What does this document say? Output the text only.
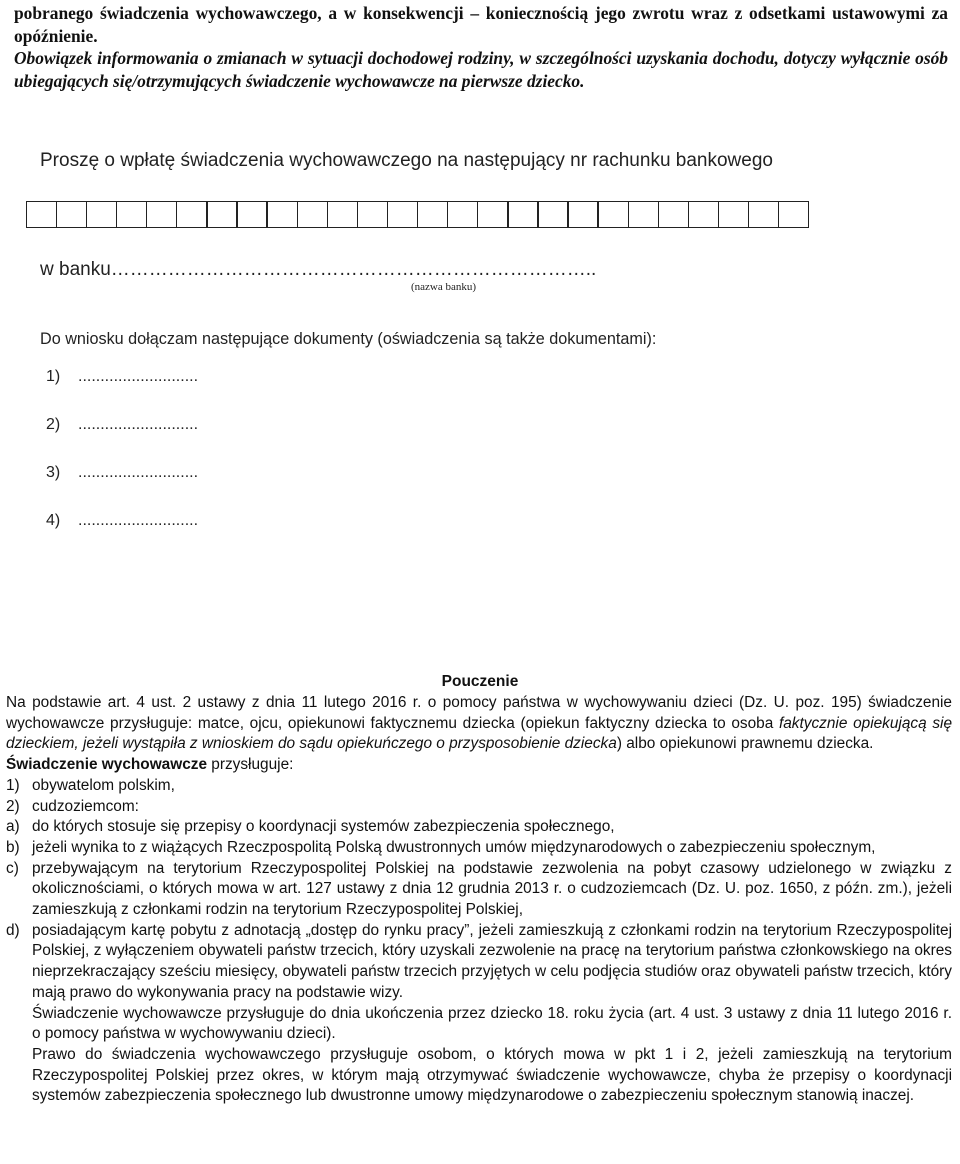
pobranego świadczenia wychowawczego, a w konsekwencji – koniecznością jego zwrotu wraz z odsetkami ustawowymi za opóźnienie.
Obowiązek informowania o zmianach w sytuacji dochodowej rodziny, w szczególności uzyskania dochodu, dotyczy wyłącznie osób ubiegających się/otrzymujących świadczenie wychowawcze na pierwsze dziecko.
Proszę o wpłatę świadczenia wychowawczego na następujący nr rachunku bankowego
w banku…………………………………………………………………..
(nazwa banku)
Do wniosku dołączam następujące dokumenty (oświadczenia są także dokumentami):
1)	...........................
2)	...........................
3)	...........................
4)	...........................
Pouczenie

Na podstawie art. 4 ust. 2 ustawy z dnia 11 lutego 2016 r. o pomocy państwa w wychowywaniu dzieci (Dz. U. poz. 195) świadczenie wychowawcze przysługuje: matce, ojcu, opiekunowi faktycznemu dziecka (opiekun faktyczny dziecka to osoba faktycznie opiekującą się dzieckiem, jeżeli wystąpiła z wnioskiem do sądu opiekuńczego o przysposobienie dziecka) albo opiekunowi prawnemu dziecka.

Świadczenie wychowawcze przysługuje:

1) obywatelom polskim,
2) cudzoziemcom:
a) do których stosuje się przepisy o koordynacji systemów zabezpieczenia społecznego,
b) jeżeli wynika to z wiążących Rzeczpospolitą Polską dwustronnych umów międzynarodowych o zabezpieczeniu społecznym,
c) przebywającym na terytorium Rzeczypospolitej Polskiej na podstawie zezwolenia na pobyt czasowy udzielonego w związku z okolicznościami, o których mowa w art. 127 ustawy z dnia 12 grudnia 2013 r. o cudzoziemcach (Dz. U. poz. 1650, z późn. zm.), jeżeli zamieszkują z członkami rodzin na terytorium Rzeczypospolitej Polskiej,
d) posiadającym kartę pobytu z adnotacją „dostęp do rynku pracy”, jeżeli zamieszkują z członkami rodzin na terytorium Rzeczypospolitej Polskiej, z wyłączeniem obywateli państw trzecich, który uzyskali zezwolenie na pracę na terytorium państwa członkowskiego na okres nieprzekraczający sześciu miesięcy, obywateli państw trzecich przyjętych w celu podjęcia studiów oraz obywateli państw trzecich, który mają prawo do wykonywania pracy na podstawie wizy.

Świadczenie wychowawcze przysługuje do dnia ukończenia przez dziecko 18. roku życia (art. 4 ust. 3 ustawy z dnia 11 lutego 2016 r. o pomocy państwa w wychowywaniu dzieci).

Prawo do świadczenia wychowawczego przysługuje osobom, o których mowa w pkt 1 i 2, jeżeli zamieszkują na terytorium Rzeczypospolitej Polskiej przez okres, w którym mają otrzymywać świadczenie wychowawcze, chyba że przepisy o koordynacji systemów zabezpieczenia społecznego lub dwustronne umowy międzynarodowe o zabezpieczeniu społecznym stanowią inaczej.
